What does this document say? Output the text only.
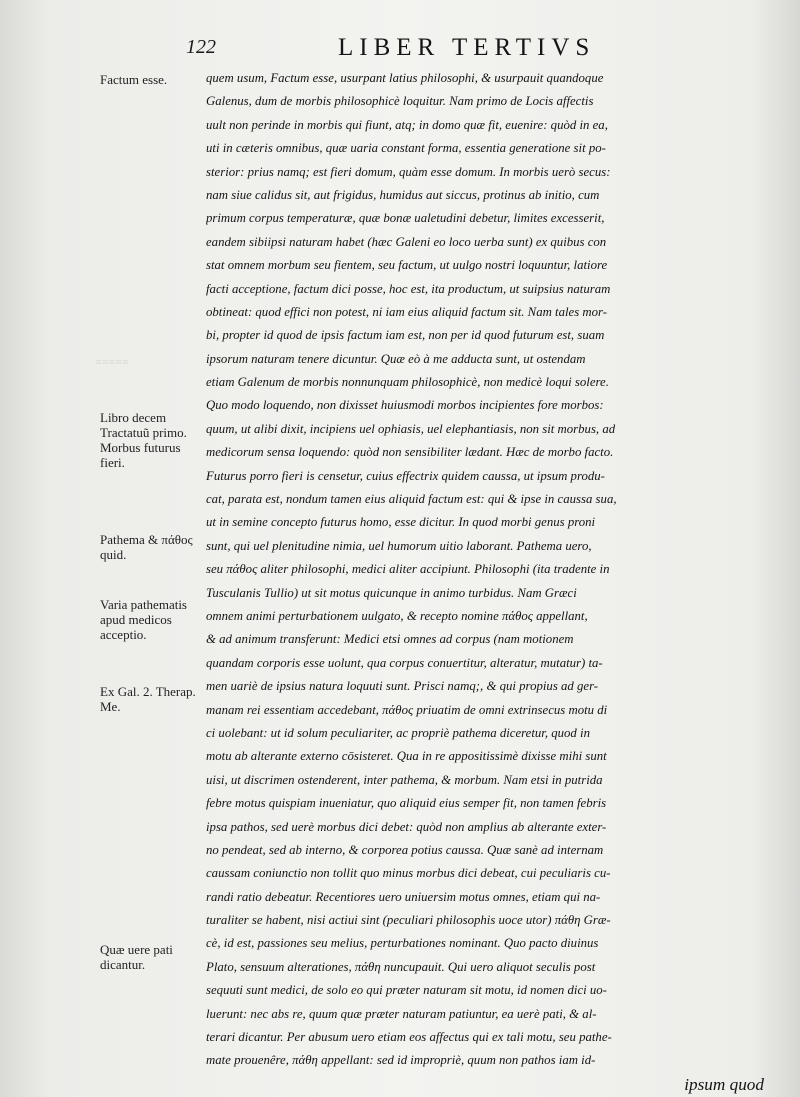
≡≡≡≡≡
122	LIBER TERTIVS
Factum esse.
Libro decem Tractatuũ primo. Morbus futurus fieri.
Pathema & πάθος quid.
Varia pathematis apud medicos acceptio.
Ex Gal. 2. Therap. Me.
Quæ uere pati dicantur.
quem usum, Factum esse, usurpant latius philosophi, & usurpauit quandoque
Galenus, dum de morbis philosophicè loquitur. Nam primo de Locis affectis
uult non perinde in morbis qui fiunt, atq; in domo quæ fit, euenire: quòd in ea,
uti in cæteris omnibus, quæ uaria constant forma, essentia generatione sit po-
sterior: prius namq; est fieri domum, quàm esse domum. In morbis uerò secus:
nam siue calidus sit, aut frigidus, humidus aut siccus, protinus ab initio, cum
primum corpus temperaturæ, quæ bonæ ualetudini debetur, limites excesserit,
eandem sibiipsi naturam habet (hæc Galeni eo loco uerba sunt) ex quibus con
stat omnem morbum seu fientem, seu factum, ut uulgo nostri loquuntur, latiore
facti acceptione, factum dici posse, hoc est, ita productum, ut suipsius naturam
obtineat: quod effici non potest, ni iam eius aliquid factum sit. Nam tales mor-
bi, propter id quod de ipsis factum iam est, non per id quod futurum est, suam
ipsorum naturam tenere dicuntur. Quæ eò à me adducta sunt, ut ostendam
etiam Galenum de morbis nonnunquam philosophicè, non medicè loqui solere.
Quo modo loquendo, non dixisset huiusmodi morbos incipientes fore morbos:
quum, ut alibi dixit, incipiens uel ophiasis, uel elephantiasis, non sit morbus, ad
medicorum sensa loquendo: quòd non sensibiliter lædant. Hæc de morbo facto.
Futurus porro fieri is censetur, cuius effectrix quidem caussa, ut ipsum produ-
cat, parata est, nondum tamen eius aliquid factum est: qui & ipse in caussa sua,
ut in semine concepto futurus homo, esse dicitur. In quod morbi genus proni
sunt, qui uel plenitudine nimia, uel humorum uitio laborant. Pathema uero,
seu πάθος aliter philosophi, medici aliter accipiunt. Philosophi (ita tradente in
Tusculanis Tullio) ut sit motus quicunque in animo turbidus. Nam Græci
omnem animi perturbationem uulgato, & recepto nomine πάθος appellant,
& ad animum transferunt: Medici etsi omnes ad corpus (nam motionem
quandam corporis esse uolunt, qua corpus conuertitur, alteratur, mutatur) ta-
men uariè de ipsius natura loquuti sunt. Prisci namq;, & qui propius ad ger-
manam rei essentiam accedebant, πάθος priuatim de omni extrinsecus motu di
ci uolebant: ut id solum peculiariter, ac propriè pathema diceretur, quod in
motu ab alterante externo cōsisteret. Qua in re appositissimè dixisse mihi sunt
uisi, ut discrimen ostenderent, inter pathema, & morbum. Nam etsi in putrida
febre motus quispiam inueniatur, quo aliquid eius semper fit, non tamen febris
ipsa pathos, sed uerè morbus dici debet: quòd non amplius ab alterante exter-
no pendeat, sed ab interno, & corporea potius caussa. Quæ sanè ad internam
caussam coniunctio non tollit quo minus morbus dici debeat, cui peculiaris cu-
randi ratio debeatur. Recentiores uero uniuersim motus omnes, etiam qui na-
turaliter se habent, nisi actiui sint (peculiari philosophis uoce utor) πάθη Græ-
cè, id est, passiones seu melius, perturbationes nominant. Quo pacto diuinus
Plato, sensuum alterationes, πάθη nuncupauit. Qui uero aliquot seculis post
sequuti sunt medici, de solo eo qui præter naturam sit motu, id nomen dici uo-
luerunt: nec abs re, quum quæ præter naturam patiuntur, ea uerè pati, & al-
terari dicantur. Per abusum uero etiam eos affectus qui ex tali motu, seu pathe-
mate prouenêre, πάθη appellant: sed id impropriè, quum non pathos iam id-
ipsum quod
